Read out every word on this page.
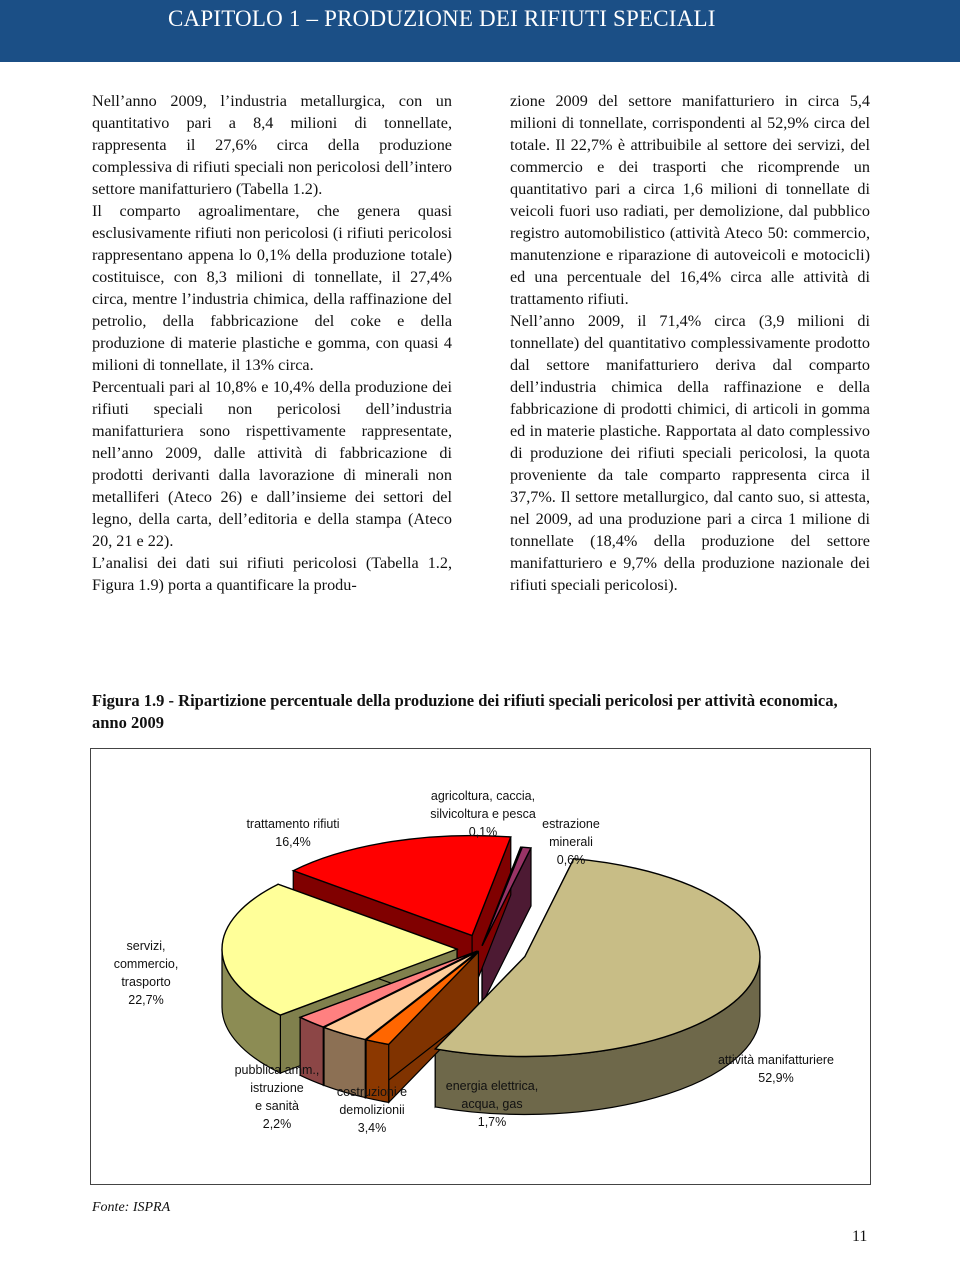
CAPITOLO 1 – PRODUZIONE DEI RIFIUTI SPECIALI

Nell’anno 2009, l’industria metallurgica, con un quantitativo pari a 8,4 milioni di tonnellate, rappresenta il 27,6% circa della produzione complessiva di rifiuti speciali non pericolosi dell’intero settore manifatturiero (Tabella 1.2).

Il comparto agroalimentare, che genera quasi esclusivamente rifiuti non pericolosi (i rifiuti pericolosi rappresentano appena lo 0,1% della produzione totale) costituisce, con 8,3 milioni di tonnellate, il 27,4% circa, mentre l’industria chimica, della raffinazione del petrolio, della fabbricazione del coke e della produzione di materie plastiche e gomma, con quasi 4 milioni di tonnellate, il 13% circa.

Percentuali pari al 10,8% e 10,4% della produzione dei rifiuti speciali non pericolosi dell’industria manifatturiera sono rispettivamente rappresentate, nell’anno 2009, dalle attività di fabbricazione di prodotti derivanti dalla lavorazione di minerali non metalliferi (Ateco 26) e dall’insieme dei settori del legno, della carta, dell’editoria e della stampa (Ateco 20, 21 e 22).

L’analisi dei dati sui rifiuti pericolosi (Tabella 1.2, Figura 1.9) porta a quantificare la produ-

zione 2009 del settore manifatturiero in circa 5,4 milioni di tonnellate, corrispondenti al 52,9% circa del totale. Il 22,7% è attribuibile al settore dei servizi, del commercio e dei trasporti che ricomprende un quantitativo pari a circa 1,6 milioni di tonnellate di veicoli fuori uso radiati, per demolizione, dal pubblico registro automobilistico (attività Ateco 50: commercio, manutenzione e riparazione di autoveicoli e motocicli) ed una percentuale del 16,4% circa alle attività di trattamento rifiuti.

Nell’anno 2009, il 71,4% circa (3,9 milioni di tonnellate) del quantitativo complessivamente prodotto dal settore manifatturiero deriva dal comparto dell’industria chimica della raffinazione e della fabbricazione di prodotti chimici, di articoli in gomma ed in materie plastiche. Rapportata al dato complessivo di produzione dei rifiuti speciali pericolosi, la quota proveniente da tale comparto rappresenta circa il 37,7%. Il settore metallurgico, dal canto suo, si attesta, nel 2009, ad una produzione pari a circa 1 milione di tonnellate (18,4% della produzione del settore manifatturiero e 9,7% della produzione nazionale dei rifiuti speciali pericolosi).

Figura 1.9 - Ripartizione percentuale della produzione dei rifiuti speciali pericolosi per attività economica, anno 2009
trattamento rifiuti
16,4%
agricoltura, caccia,
silvicoltura e pesca
0,1%
estrazione
minerali
0,6%
servizi,
commercio,
trasporto
22,7%
pubblica amm.,
istruzione
e sanità
2,2%
costruzioni e
demolizionii
3,4%
energia elettrica,
acqua, gas
1,7%
attività manifatturiere
52,9%
Fonte: ISPRA
11
